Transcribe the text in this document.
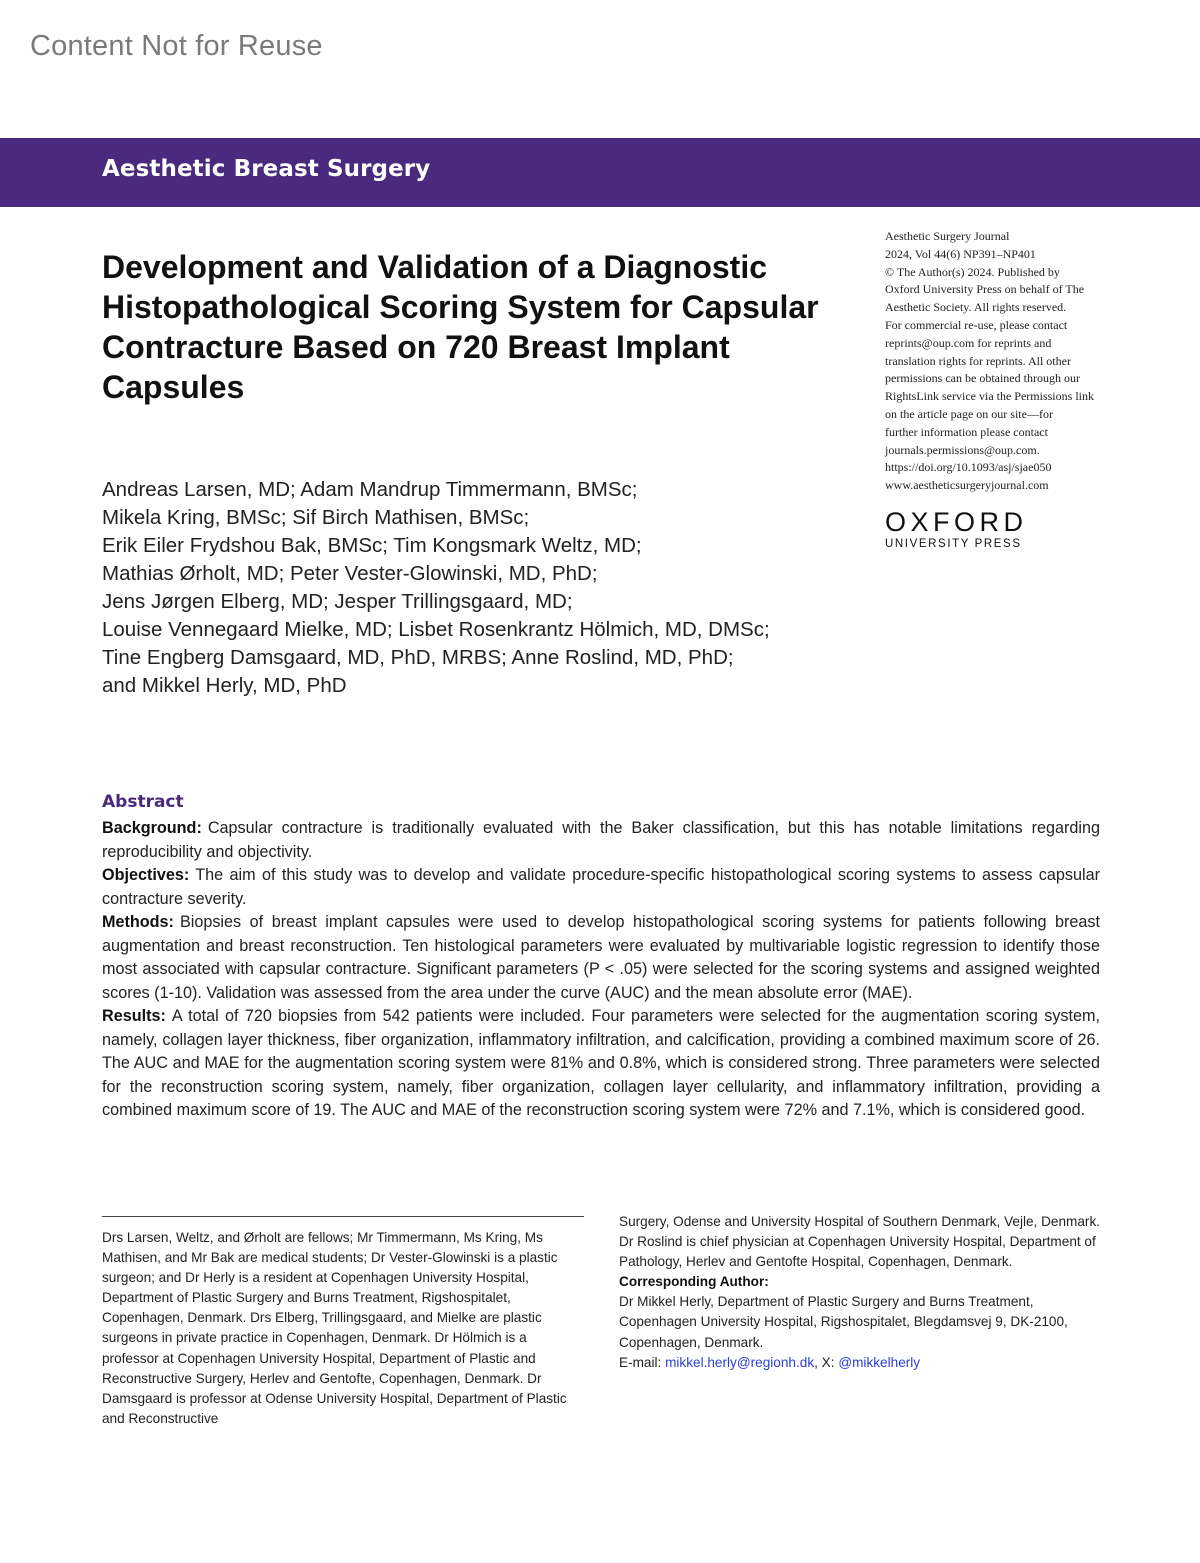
Content Not for Reuse
Aesthetic Breast Surgery
Development and Validation of a Diagnostic Histopathological Scoring System for Capsular Contracture Based on 720 Breast Implant Capsules
Aesthetic Surgery Journal
2024, Vol 44(6) NP391–NP401
© The Author(s) 2024. Published by
Oxford University Press on behalf of The
Aesthetic Society. All rights reserved.
For commercial re-use, please contact
reprints@oup.com for reprints and
translation rights for reprints. All other
permissions can be obtained through our
RightsLink service via the Permissions link
on the article page on our site—for
further information please contact
journals.permissions@oup.com.
https://doi.org/10.1093/asj/sjae050
www.aestheticsurgeryjournal.com
OXFORD
UNIVERSITY PRESS
Andreas Larsen, MD; Adam Mandrup Timmermann, BMSc;
Mikela Kring, BMSc; Sif Birch Mathisen, BMSc;
Erik Eiler Frydshou Bak, BMSc; Tim Kongsmark Weltz, MD;
Mathias Ørholt, MD; Peter Vester-Glowinski, MD, PhD;
Jens Jørgen Elberg, MD; Jesper Trillingsgaard, MD;
Louise Vennegaard Mielke, MD; Lisbet Rosenkrantz Hölmich, MD, DMSc;
Tine Engberg Damsgaard, MD, PhD, MRBS; Anne Roslind, MD, PhD;
and Mikkel Herly, MD, PhD
Abstract

Background: Capsular contracture is traditionally evaluated with the Baker classification, but this has notable limitations regarding reproducibility and objectivity.

Objectives: The aim of this study was to develop and validate procedure-specific histopathological scoring systems to assess capsular contracture severity.

Methods: Biopsies of breast implant capsules were used to develop histopathological scoring systems for patients following breast augmentation and breast reconstruction. Ten histological parameters were evaluated by multivariable logistic regression to identify those most associated with capsular contracture. Significant parameters (P < .05) were selected for the scoring systems and assigned weighted scores (1-10). Validation was assessed from the area under the curve (AUC) and the mean absolute error (MAE).

Results: A total of 720 biopsies from 542 patients were included. Four parameters were selected for the augmentation scoring system, namely, collagen layer thickness, fiber organization, inflammatory infiltration, and calcification, providing a combined maximum score of 26. The AUC and MAE for the augmentation scoring system were 81% and 0.8%, which is considered strong. Three parameters were selected for the reconstruction scoring system, namely, fiber organization, collagen layer cellularity, and inflammatory infiltration, providing a combined maximum score of 19. The AUC and MAE of the reconstruction scoring system were 72% and 7.1%, which is considered good.

Drs Larsen, Weltz, and Ørholt are fellows; Mr Timmermann, Ms Kring, Ms Mathisen, and Mr Bak are medical students; Dr Vester-Glowinski is a plastic surgeon; and Dr Herly is a resident at Copenhagen University Hospital, Department of Plastic Surgery and Burns Treatment, Rigshospitalet, Copenhagen, Denmark. Drs Elberg, Trillingsgaard, and Mielke are plastic surgeons in private practice in Copenhagen, Denmark. Dr Hölmich is a professor at Copenhagen University Hospital, Department of Plastic and Reconstructive Surgery, Herlev and Gentofte, Copenhagen, Denmark. Dr Damsgaard is professor at Odense University Hospital, Department of Plastic and Reconstructive

Surgery, Odense and University Hospital of Southern Denmark, Vejle, Denmark. Dr Roslind is chief physician at Copenhagen University Hospital, Department of Pathology, Herlev and Gentofte Hospital, Copenhagen, Denmark.

Corresponding Author:

Dr Mikkel Herly, Department of Plastic Surgery and Burns Treatment, Copenhagen University Hospital, Rigshospitalet, Blegdamsvej 9, DK-2100, Copenhagen, Denmark.

E-mail: mikkel.herly@regionh.dk, X: @mikkelherly
